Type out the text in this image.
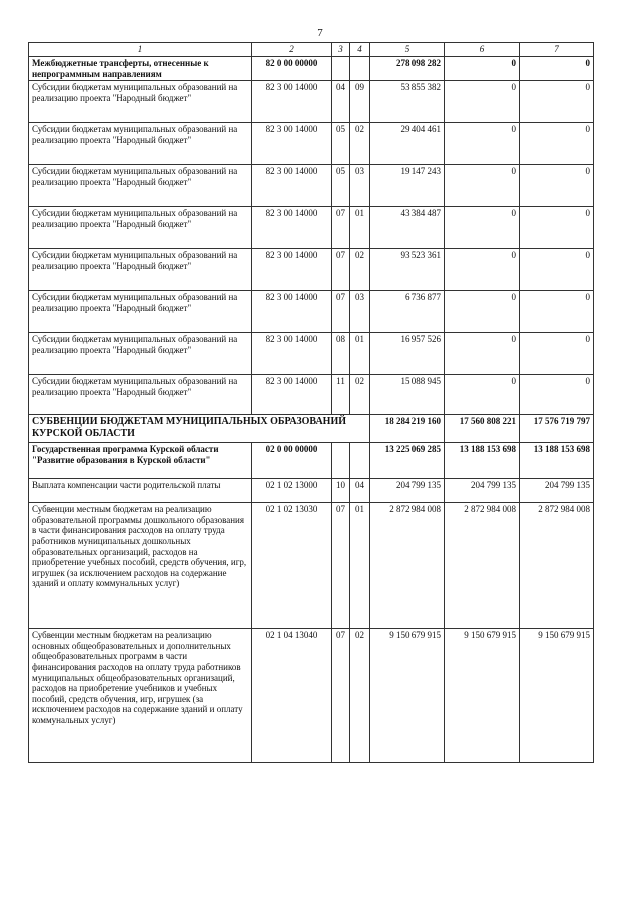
7
1	2	3	4	5	6	7
Межбюджетные трансферты, отнесенные к непрограммным направлениям	82 0 00 00000			278 098 282	0	0
Субсидии бюджетам муниципальных образований на реализацию проекта "Народный бюджет"	82 3 00 14000	04	09	53 855 382	0	0
Субсидии бюджетам муниципальных образований на реализацию проекта "Народный бюджет"	82 3 00 14000	05	02	29 404 461	0	0
Субсидии бюджетам муниципальных образований на реализацию проекта "Народный бюджет"	82 3 00 14000	05	03	19 147 243	0	0
Субсидии бюджетам муниципальных образований на реализацию проекта "Народный бюджет"	82 3 00 14000	07	01	43 384 487	0	0
Субсидии бюджетам муниципальных образований на реализацию проекта "Народный бюджет"	82 3 00 14000	07	02	93 523 361	0	0
Субсидии бюджетам муниципальных образований на реализацию проекта "Народный бюджет"	82 3 00 14000	07	03	6 736 877	0	0
Субсидии бюджетам муниципальных образований на реализацию проекта "Народный бюджет"	82 3 00 14000	08	01	16 957 526	0	0
Субсидии бюджетам муниципальных образований на реализацию проекта "Народный бюджет"	82 3 00 14000	11	02	15 088 945	0	0
СУБВЕНЦИИ БЮДЖЕТАМ МУНИЦИПАЛЬНЫХ ОБРАЗОВАНИЙ КУРСКОЙ ОБЛАСТИ				18 284 219 160	17 560 808 221	17 576 719 797
Государственная программа Курской области "Развитие образования в Курской области"	02 0 00 00000			13 225 069 285	13 188 153 698	13 188 153 698
Выплата компенсации части родительской платы	02 1 02 13000	10	04	204 799 135	204 799 135	204 799 135
Субвенции местным бюджетам на реализацию образовательной программы дошкольного образования в части финансирования расходов на оплату труда работников муниципальных дошкольных образовательных организаций, расходов на приобретение учебных пособий, средств обучения, игр, игрушек (за исключением расходов на содержание зданий и оплату коммунальных услуг)	02 1 02 13030	07	01	2 872 984 008	2 872 984 008	2 872 984 008
Субвенции местным бюджетам на реализацию основных общеобразовательных и дополнительных общеобразовательных программ в части финансирования расходов на оплату труда работников муниципальных общеобразовательных организаций, расходов на приобретение учебников и учебных пособий, средств обучения, игр, игрушек (за исключением расходов на содержание зданий и оплату коммунальных услуг)	02 1 04 13040	07	02	9 150 679 915	9 150 679 915	9 150 679 915
